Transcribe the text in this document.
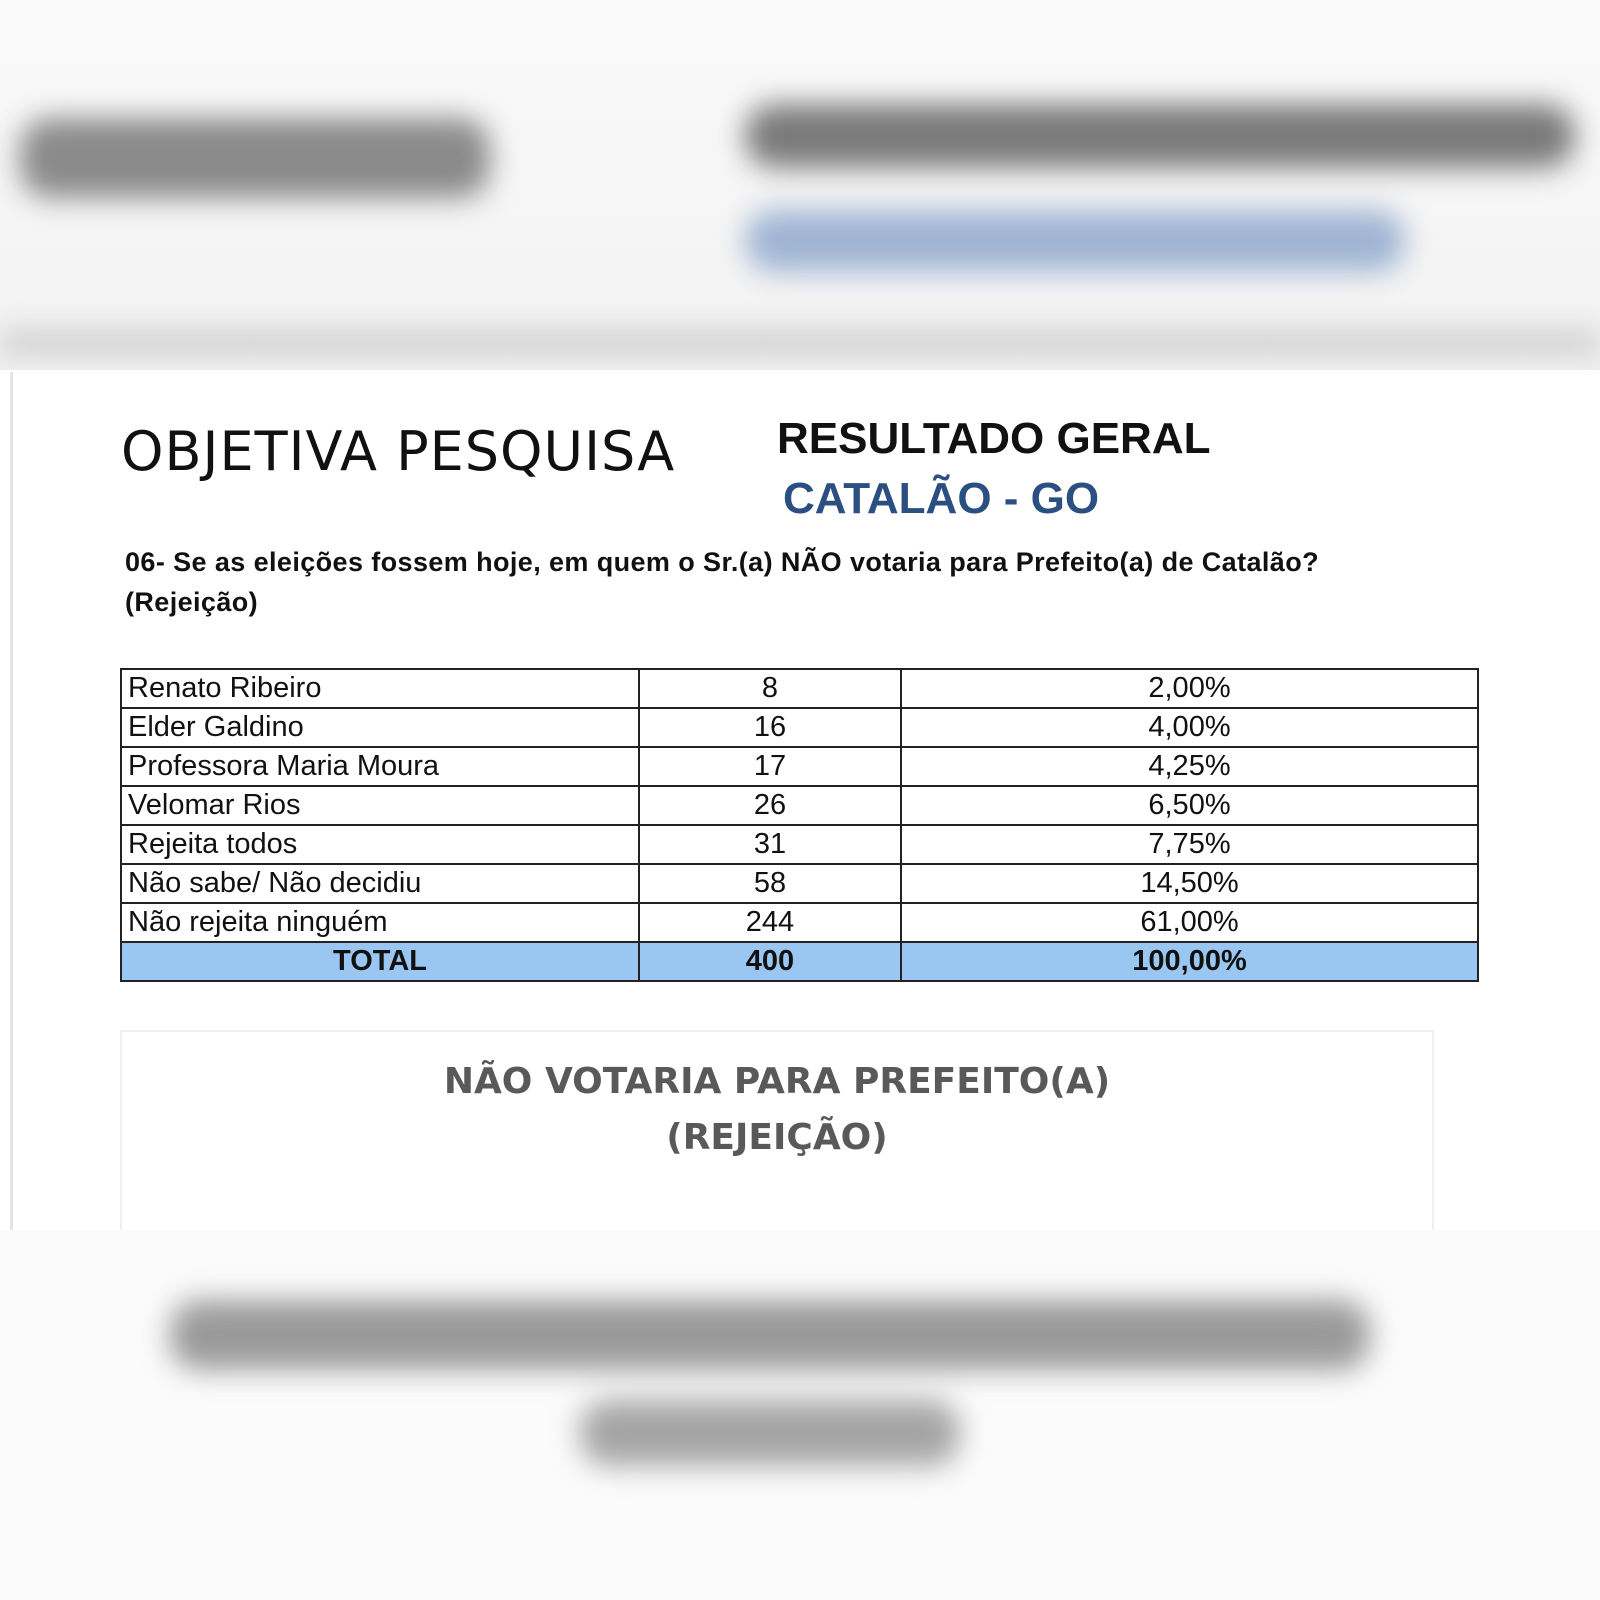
OBJETIVA PESQUISA RESULTADO GERAL
CATALÃO - GO

06- Se as eleições fossem hoje, em quem o Sr.(a) NÃO votaria para Prefeito(a) de Catalão?
(Rejeição)

Renato Ribeiro	8	2,00%
Elder Galdino	16	4,00%
Professora Maria Moura	17	4,25%
Velomar Rios	26	6,50%
Rejeita todos	31	7,75%
Não sabe/ Não decidiu	58	14,50%
Não rejeita ninguém	244	61,00%
TOTAL	400	100,00%

NÃO VOTARIA PARA PREFEITO(A)
(REJEIÇÃO)
